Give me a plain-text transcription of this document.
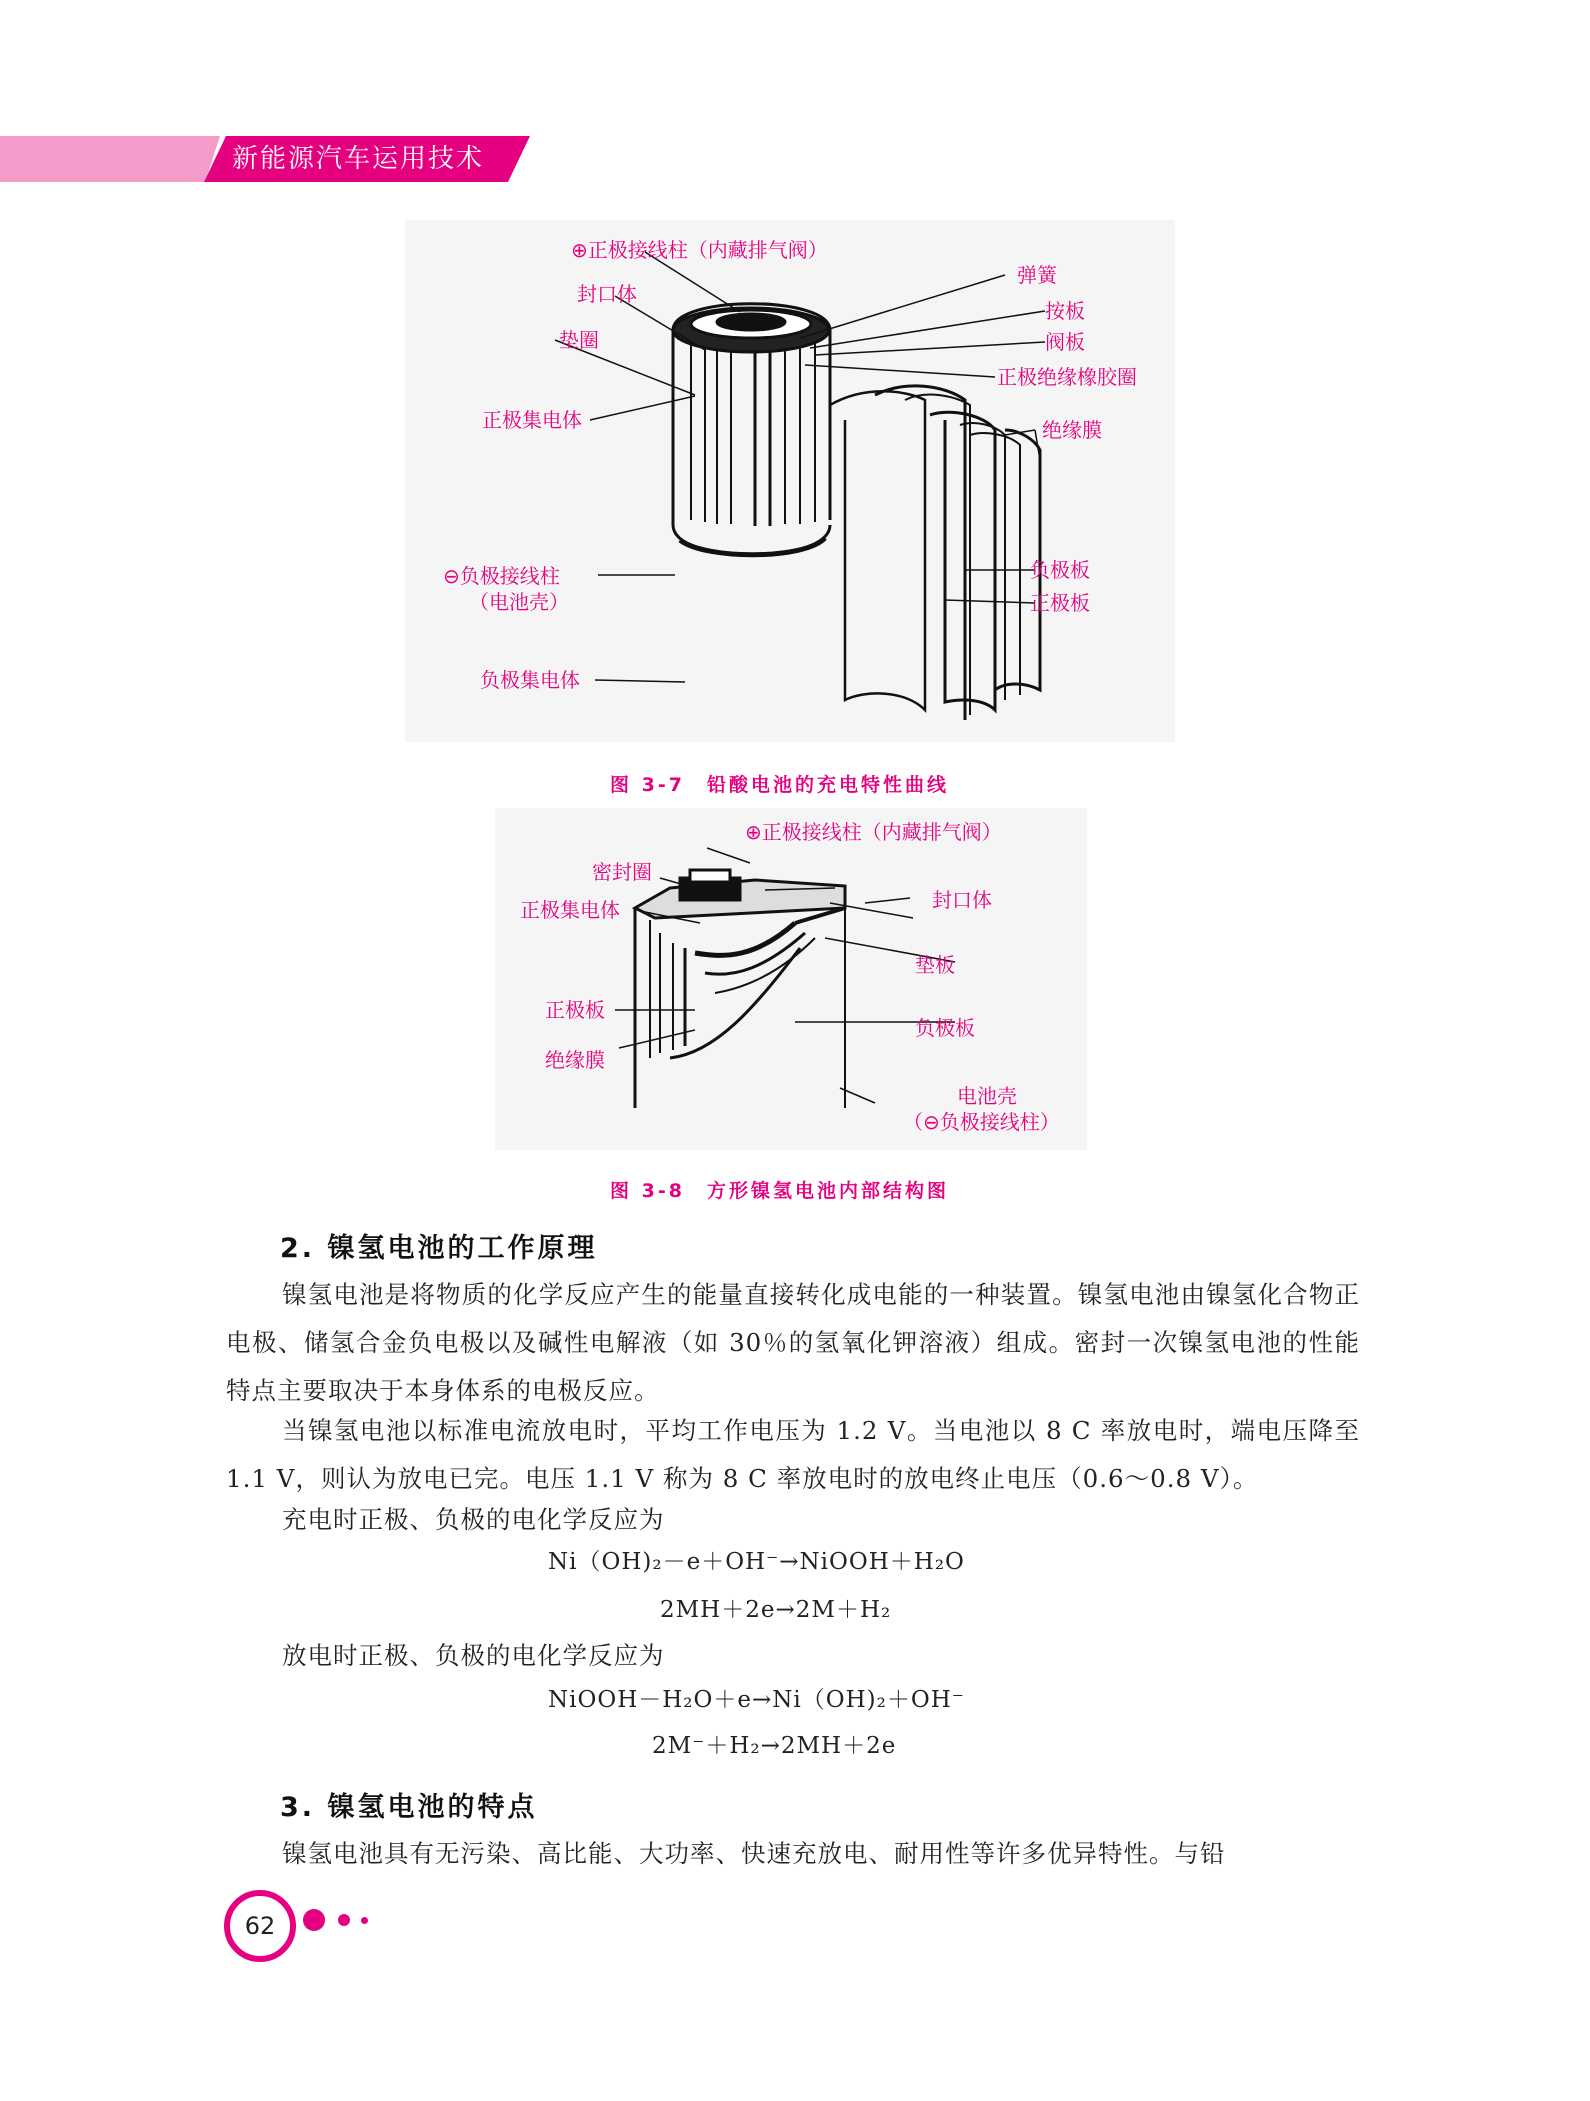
新能源汽车运用技术
⊕正极接线柱（内藏排气阀）
封口体
垫圈
正极集电体
⊖负极接线柱
（电池壳）
负极集电体
弹簧
按板
阀板
正极绝缘橡胶圈
绝缘膜
负极板
正极板
图 3-7　铅酸电池的充电特性曲线
⊕正极接线柱（内藏排气阀）
密封圈
正极集电体	封口体
垫板
正极板
负极板
绝缘膜
电池壳
（⊖负极接线柱）
图 3-8　方形镍氢电池内部结构图
2. 镍氢电池的工作原理
镍氢电池是将物质的化学反应产生的能量直接转化成电能的一种装置。镍氢电池由镍氢化合物正电极、储氢合金负电极以及碱性电解液（如 30％的氢氧化钾溶液）组成。密封一次镍氢电池的性能特点主要取决于本身体系的电极反应。
当镍氢电池以标准电流放电时，平均工作电压为 1.2 V。当电池以 8 C 率放电时，端电压降至 1.1 V，则认为放电已完。电压 1.1 V 称为 8 C 率放电时的放电终止电压（0.6～0.8 V）。
充电时正极、负极的电化学反应为
Ni（OH)₂－e＋OH⁻→NiOOH＋H₂O
2MH＋2e→2M＋H₂
放电时正极、负极的电化学反应为
NiOOH－H₂O＋e→Ni（OH)₂＋OH⁻
2M⁻＋H₂→2MH＋2e
3. 镍氢电池的特点
镍氢电池具有无污染、高比能、大功率、快速充放电、耐用性等许多优异特性。与铅
62
